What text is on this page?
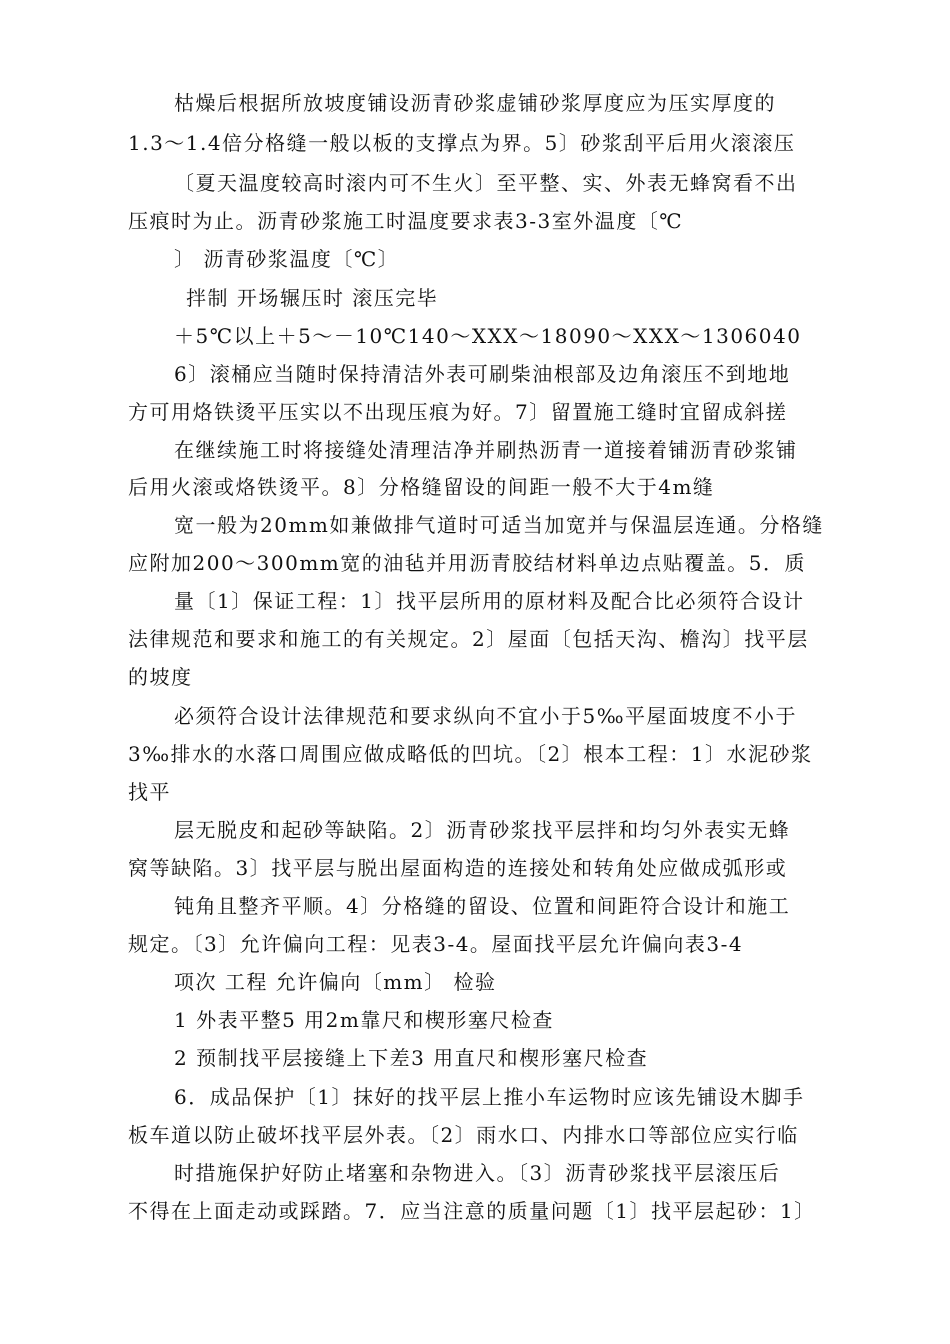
枯燥后根据所放坡度铺设沥青砂浆虚铺砂浆厚度应为压实厚度的
1.3～1.4倍分格缝一般以板的支撑点为界。5〕砂浆刮平后用火滚滚压
〔夏天温度较高时滚内可不生火〕至平整、实、外表无蜂窝看不出
压痕时为止。沥青砂浆施工时温度要求表3-3室外温度〔℃
〕 沥青砂浆温度〔℃〕
拌制 开场辗压时 滚压完毕
＋5℃以上＋5～－10℃140～XXX～18090～XXX～1306040
6〕滚桶应当随时保持清洁外表可刷柴油根部及边角滚压不到地地
方可用烙铁烫平压实以不出现压痕为好。7〕留置施工缝时宜留成斜搓
在继续施工时将接缝处清理洁净并刷热沥青一道接着铺沥青砂浆铺
后用火滚或烙铁烫平。8〕分格缝留设的间距一般不大于4m缝
宽一般为20mm如兼做排气道时可适当加宽并与保温层连通。分格缝
应附加200～300mm宽的油毡并用沥青胶结材料单边点贴覆盖。5．质
量〔1〕保证工程：1〕找平层所用的原材料及配合比必须符合设计
法律规范和要求和施工的有关规定。2〕屋面〔包括天沟、檐沟〕找平层
的坡度
必须符合设计法律规范和要求纵向不宜小于5‰平屋面坡度不小于
3‰排水的水落口周围应做成略低的凹坑。〔2〕根本工程：1〕水泥砂浆
找平
层无脱皮和起砂等缺陷。2〕沥青砂浆找平层拌和均匀外表实无蜂
窝等缺陷。3〕找平层与脱出屋面构造的连接处和转角处应做成弧形或
钝角且整齐平顺。4〕分格缝的留设、位置和间距符合设计和施工
规定。〔3〕允许偏向工程：见表3-4。屋面找平层允许偏向表3-4
项次 工程 允许偏向〔mm〕 检验
1 外表平整5 用2m靠尺和楔形塞尺检查
2 预制找平层接缝上下差3 用直尺和楔形塞尺检查
6．成品保护〔1〕抹好的找平层上推小车运物时应该先铺设木脚手
板车道以防止破坏找平层外表。〔2〕雨水口、内排水口等部位应实行临
时措施保护好防止堵塞和杂物进入。〔3〕沥青砂浆找平层滚压后
不得在上面走动或踩踏。7．应当注意的质量问题〔1〕找平层起砂：1〕
